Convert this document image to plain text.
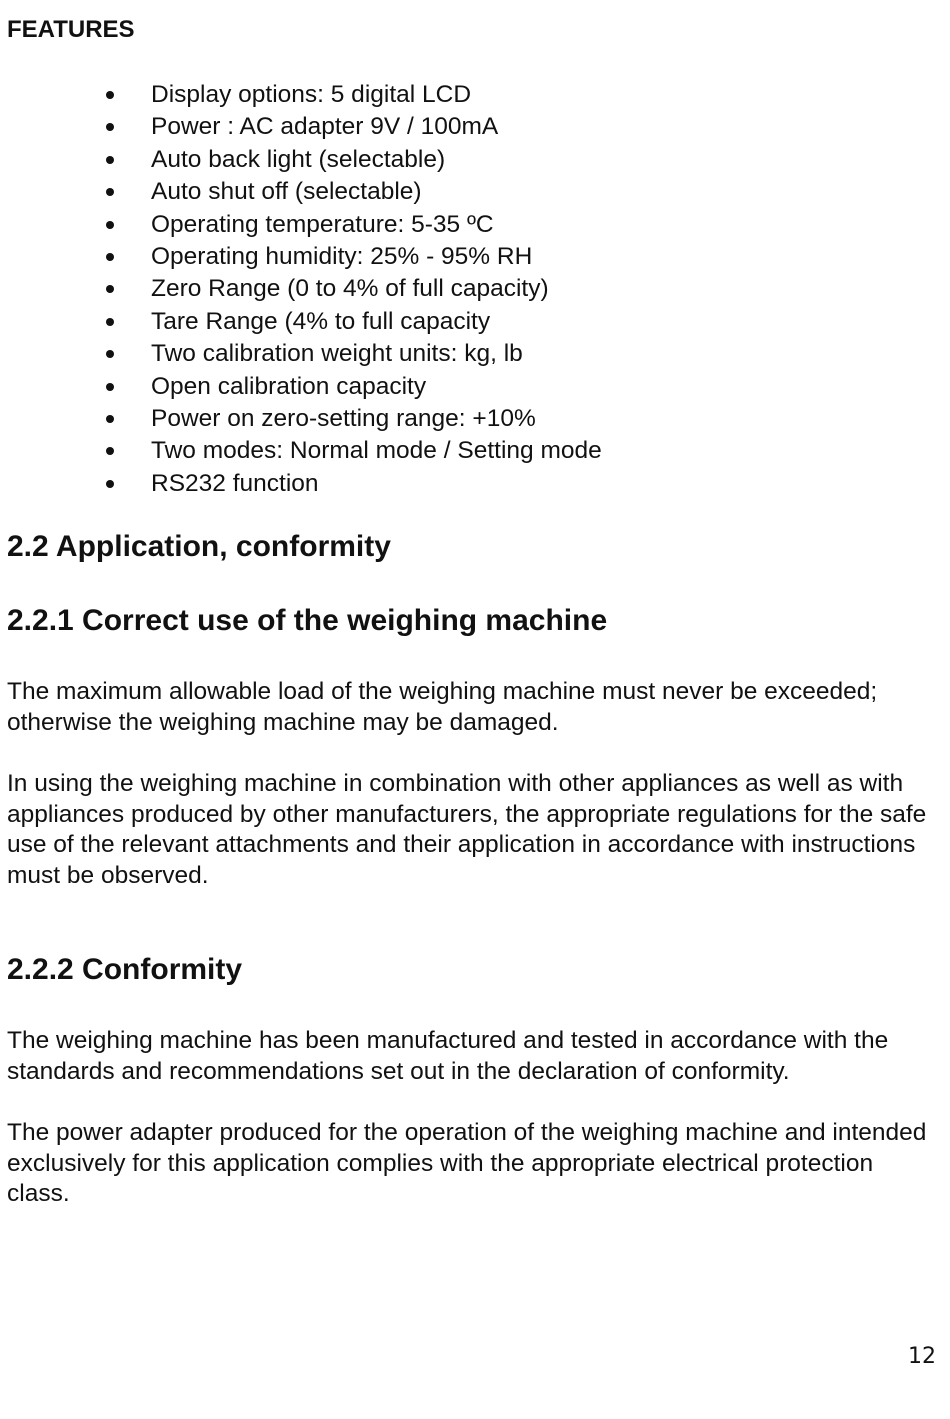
FEATURES
Display options: 5 digital LCD
Power : AC adapter 9V / 100mA
Auto back light (selectable)
Auto shut off (selectable)
Operating temperature: 5-35 ºC
Operating humidity: 25% - 95% RH
Zero Range (0 to 4% of full capacity)
Tare Range (4% to full capacity
Two calibration weight units: kg, lb
Open calibration capacity
Power on zero-setting range: +10%
Two modes: Normal mode / Setting mode
RS232 function
2.2 Application, conformity
2.2.1 Correct use of the weighing machine

The maximum allowable load of the weighing machine must never be exceeded; otherwise the weighing machine may be damaged.

In using the weighing machine in combination with other appliances as well as with appliances produced by other manufacturers, the appropriate regulations for the safe use of the relevant attachments and their application in accordance with instructions must be observed.

2.2.2 Conformity

The weighing machine has been manufactured and tested in accordance with the standards and recommendations set out in the declaration of conformity.

The power adapter produced for the operation of the weighing machine and intended exclusively for this application complies with the appropriate electrical protection class.

12
